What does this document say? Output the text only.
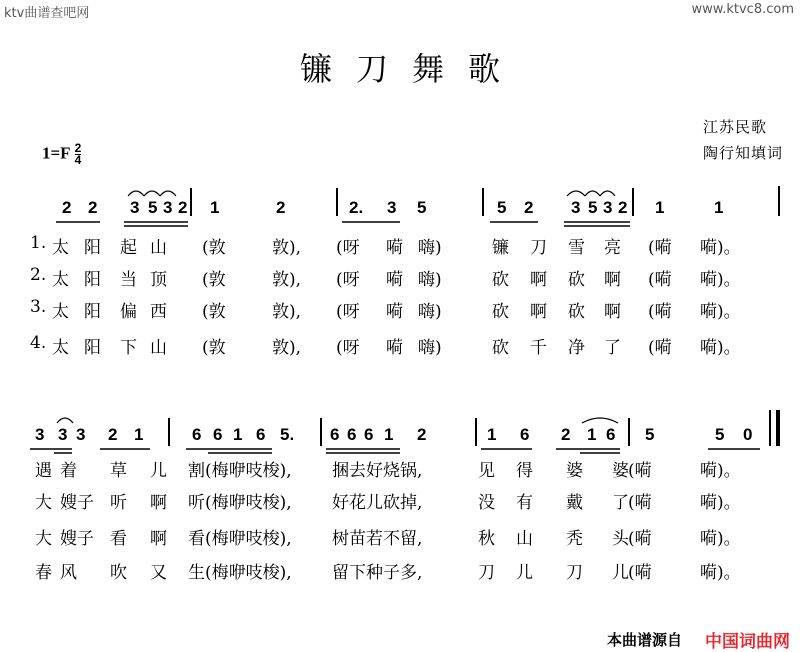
ktv曲谱查吧网	www.ktvc8.com
镰刀舞歌
$1=F \frac{2}{4}$
江苏民歌
陶行知填词
2 2 3 5 3 2 1	2	2. 3 5	5 2 3 5 3 2 1	1
1. 太 阳 起 山 (敦	敦), (呀 嗬 嗨)	镰 刀 雪 亮 (嗬 嗬)。
2. 太 阳 当 顶 (敦	敦), (呀 嗬 嗨)	砍 啊 砍 啊 (嗬 嗬)。
3. 太 阳 偏 西 (敦	敦), (呀 嗬 嗨)	砍 啊 砍 啊 (嗬 嗬)。
4. 太 阳 下 山 (敦	敦), (呀 嗬 嗨)	砍 千 净 了 (嗬 嗬)。
3 3 3 2 1	6 6 1 6 5. 6 6 6 1 2	1 6 2 1 6 5	5 0
遇 着 草 儿 割(梅咿吱梭), 捆去好烧锅,	见 得 婆 婆 (嗬	嗬)。
大 嫂子 听 啊 听(梅咿吱梭), 好花儿砍掉,	没 有 戴 了 (嗬	嗬)。
大 嫂子 看 啊 看(梅咿吱梭), 树苗若不留,	秋 山 秃 头 (嗬	嗬)。
春 风 吹 又 生(梅咿吱梭), 留下种子多,	刀 儿 刀 儿 (嗬	嗬)。
本曲谱源自 中国词曲网
